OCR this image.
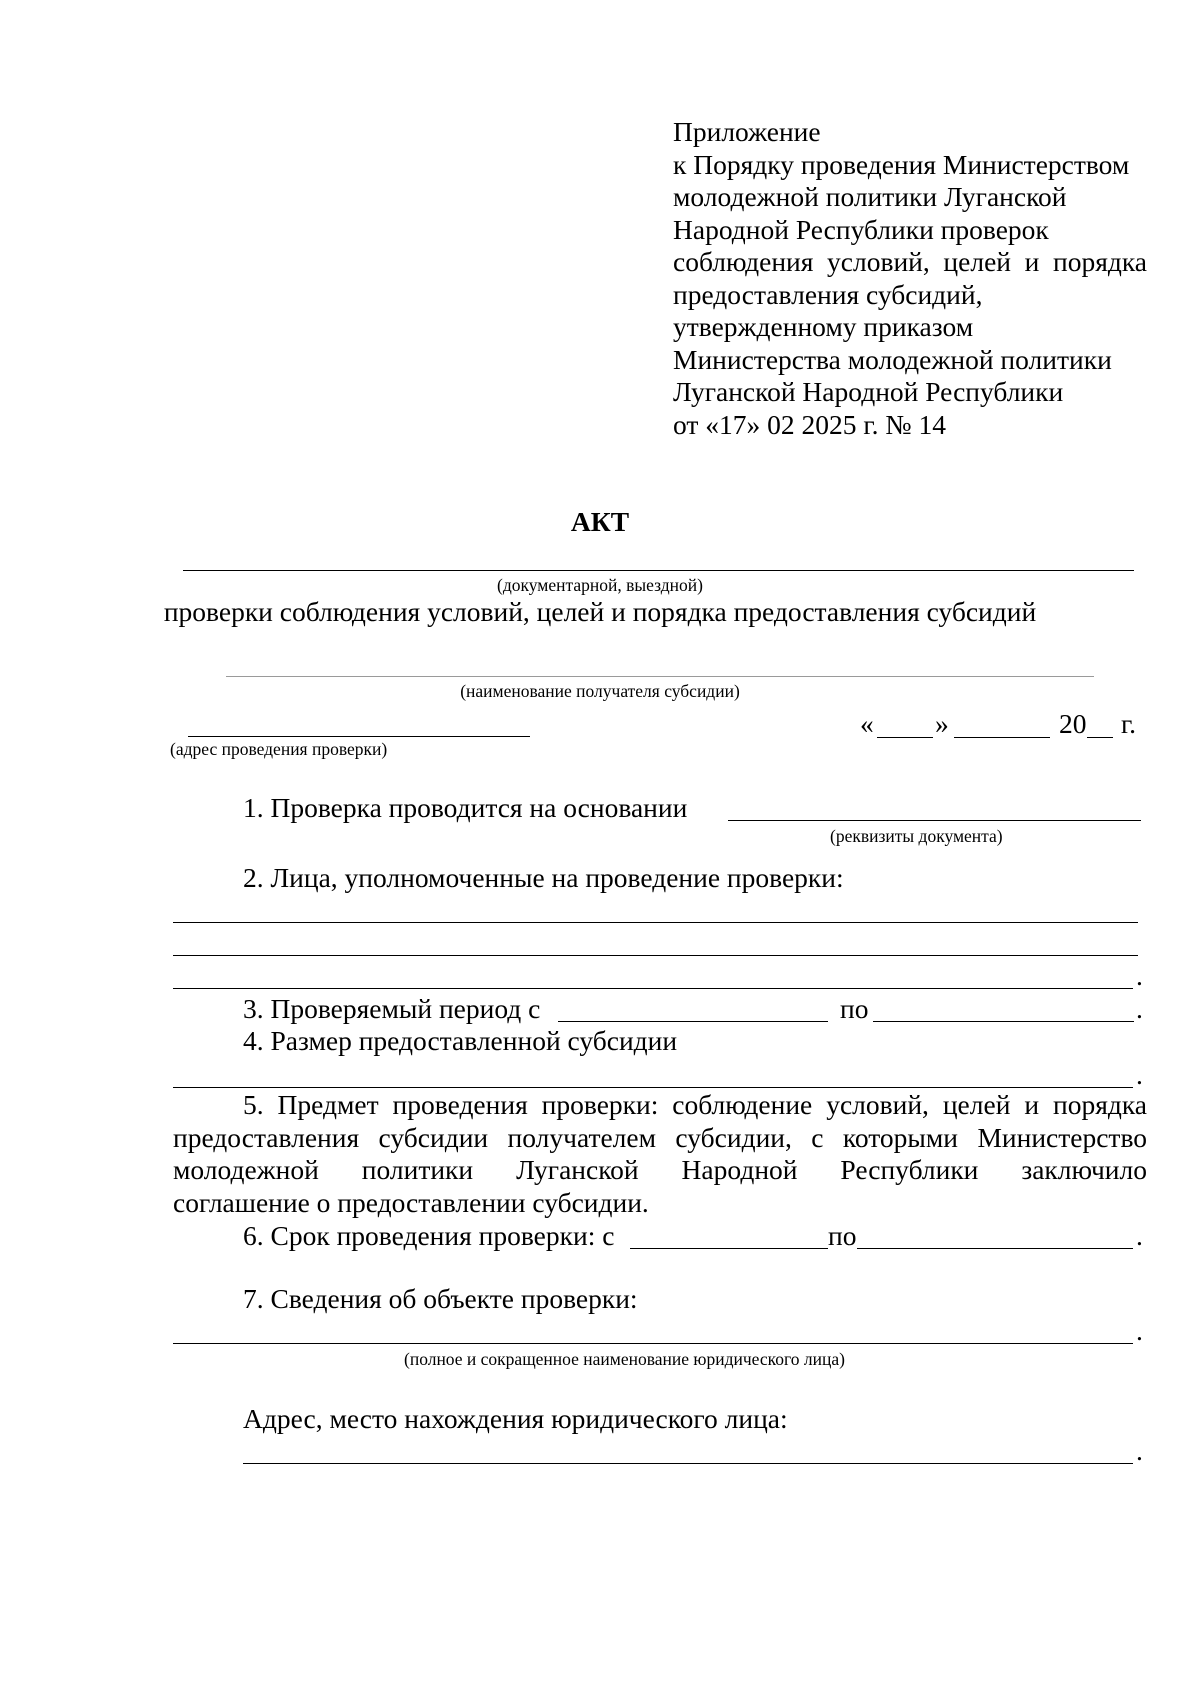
Приложение
к Порядку проведения Министерством
молодежной политики Луганской
Народной Республики проверок
соблюдения условий, целей и порядка
предоставления субсидий,
утвержденному приказом
Министерства молодежной политики
Луганской Народной Республики
от «17» 02 2025 г. № 14
АКТ
(документарной, выездной)
проверки соблюдения условий, целей и порядка предоставления субсидий
(наименование получателя субсидии)
(адрес проведения проверки)
« »	20 г.
1. Проверка проводится на основании
(реквизиты документа)
2. Лица, уполномоченные на проведение проверки:
.
3. Проверяемый период с	по	.
4. Размер предоставленной субсидии
.
5. Предмет проведения проверки: соблюдение условий, целей и порядка
предоставления субсидии получателем субсидии, с которыми Министерство
молодежной политики Луганской Народной Республики заключило
соглашение о предоставлении субсидии.
6. Срок проведения проверки: с	по	.
7. Сведения об объекте проверки:
.
(полное и сокращенное наименование юридического лица)
Адрес, место нахождения юридического лица:
.
